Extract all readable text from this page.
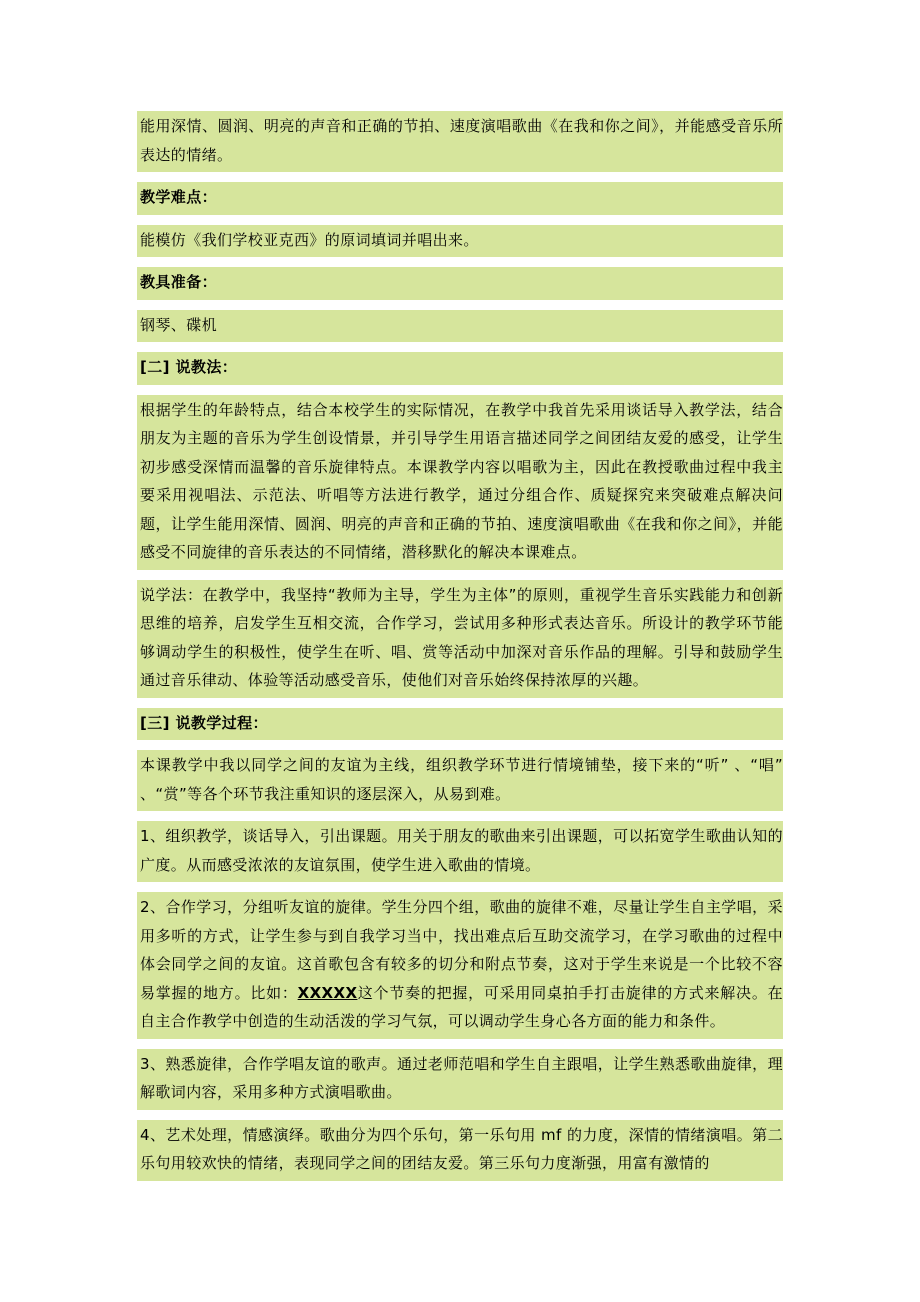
能用深情、圆润、明亮的声音和正确的节拍、速度演唱歌曲《在我和你之间》，并能感受音乐所表达的情绪。

教学难点：

能模仿《我们学校亚克西》的原词填词并唱出来。

教具准备：

钢琴、碟机

[二] 说教法：

根据学生的年龄特点，结合本校学生的实际情况，在教学中我首先采用谈话导入教学法，结合朋友为主题的音乐为学生创设情景，并引导学生用语言描述同学之间团结友爱的感受，让学生初步感受深情而温馨的音乐旋律特点。本课教学内容以唱歌为主，因此在教授歌曲过程中我主要采用视唱法、示范法、听唱等方法进行教学，通过分组合作、质疑探究来突破难点解决问题，让学生能用深情、圆润、明亮的声音和正确的节拍、速度演唱歌曲《在我和你之间》，并能感受不同旋律的音乐表达的不同情绪，潜移默化的解决本课难点。

说学法：在教学中，我坚持“教师为主导，学生为主体”的原则，重视学生音乐实践能力和创新思维的培养，启发学生互相交流，合作学习，尝试用多种形式表达音乐。所设计的教学环节能够调动学生的积极性，使学生在听、唱、赏等活动中加深对音乐作品的理解。引导和鼓励学生通过音乐律动、体验等活动感受音乐，使他们对音乐始终保持浓厚的兴趣。

[三] 说教学过程：

本课教学中我以同学之间的友谊为主线，组织教学环节进行情境铺垫，接下来的“听” 、“唱” 、“赏”等各个环节我注重知识的逐层深入，从易到难。

1、组织教学，谈话导入，引出课题。用关于朋友的歌曲来引出课题，可以拓宽学生歌曲认知的广度。从而感受浓浓的友谊氛围，使学生进入歌曲的情境。

2、合作学习，分组听友谊的旋律。学生分四个组，歌曲的旋律不难，尽量让学生自主学唱，采用多听的方式，让学生参与到自我学习当中，找出难点后互助交流学习，在学习歌曲的过程中体会同学之间的友谊。这首歌包含有较多的切分和附点节奏，这对于学生来说是一个比较不容易掌握的地方。比如：XXXXX这个节奏的把握，可采用同桌拍手打击旋律的方式来解决。在自主合作教学中创造的生动活泼的学习气氛，可以调动学生身心各方面的能力和条件。

3、熟悉旋律，合作学唱友谊的歌声。通过老师范唱和学生自主跟唱，让学生熟悉歌曲旋律，理解歌词内容，采用多种方式演唱歌曲。

4、艺术处理，情感演绎。歌曲分为四个乐句，第一乐句用 mf 的力度，深情的情绪演唱。第二乐句用较欢快的情绪，表现同学之间的团结友爱。第三乐句力度渐强，用富有激情的
